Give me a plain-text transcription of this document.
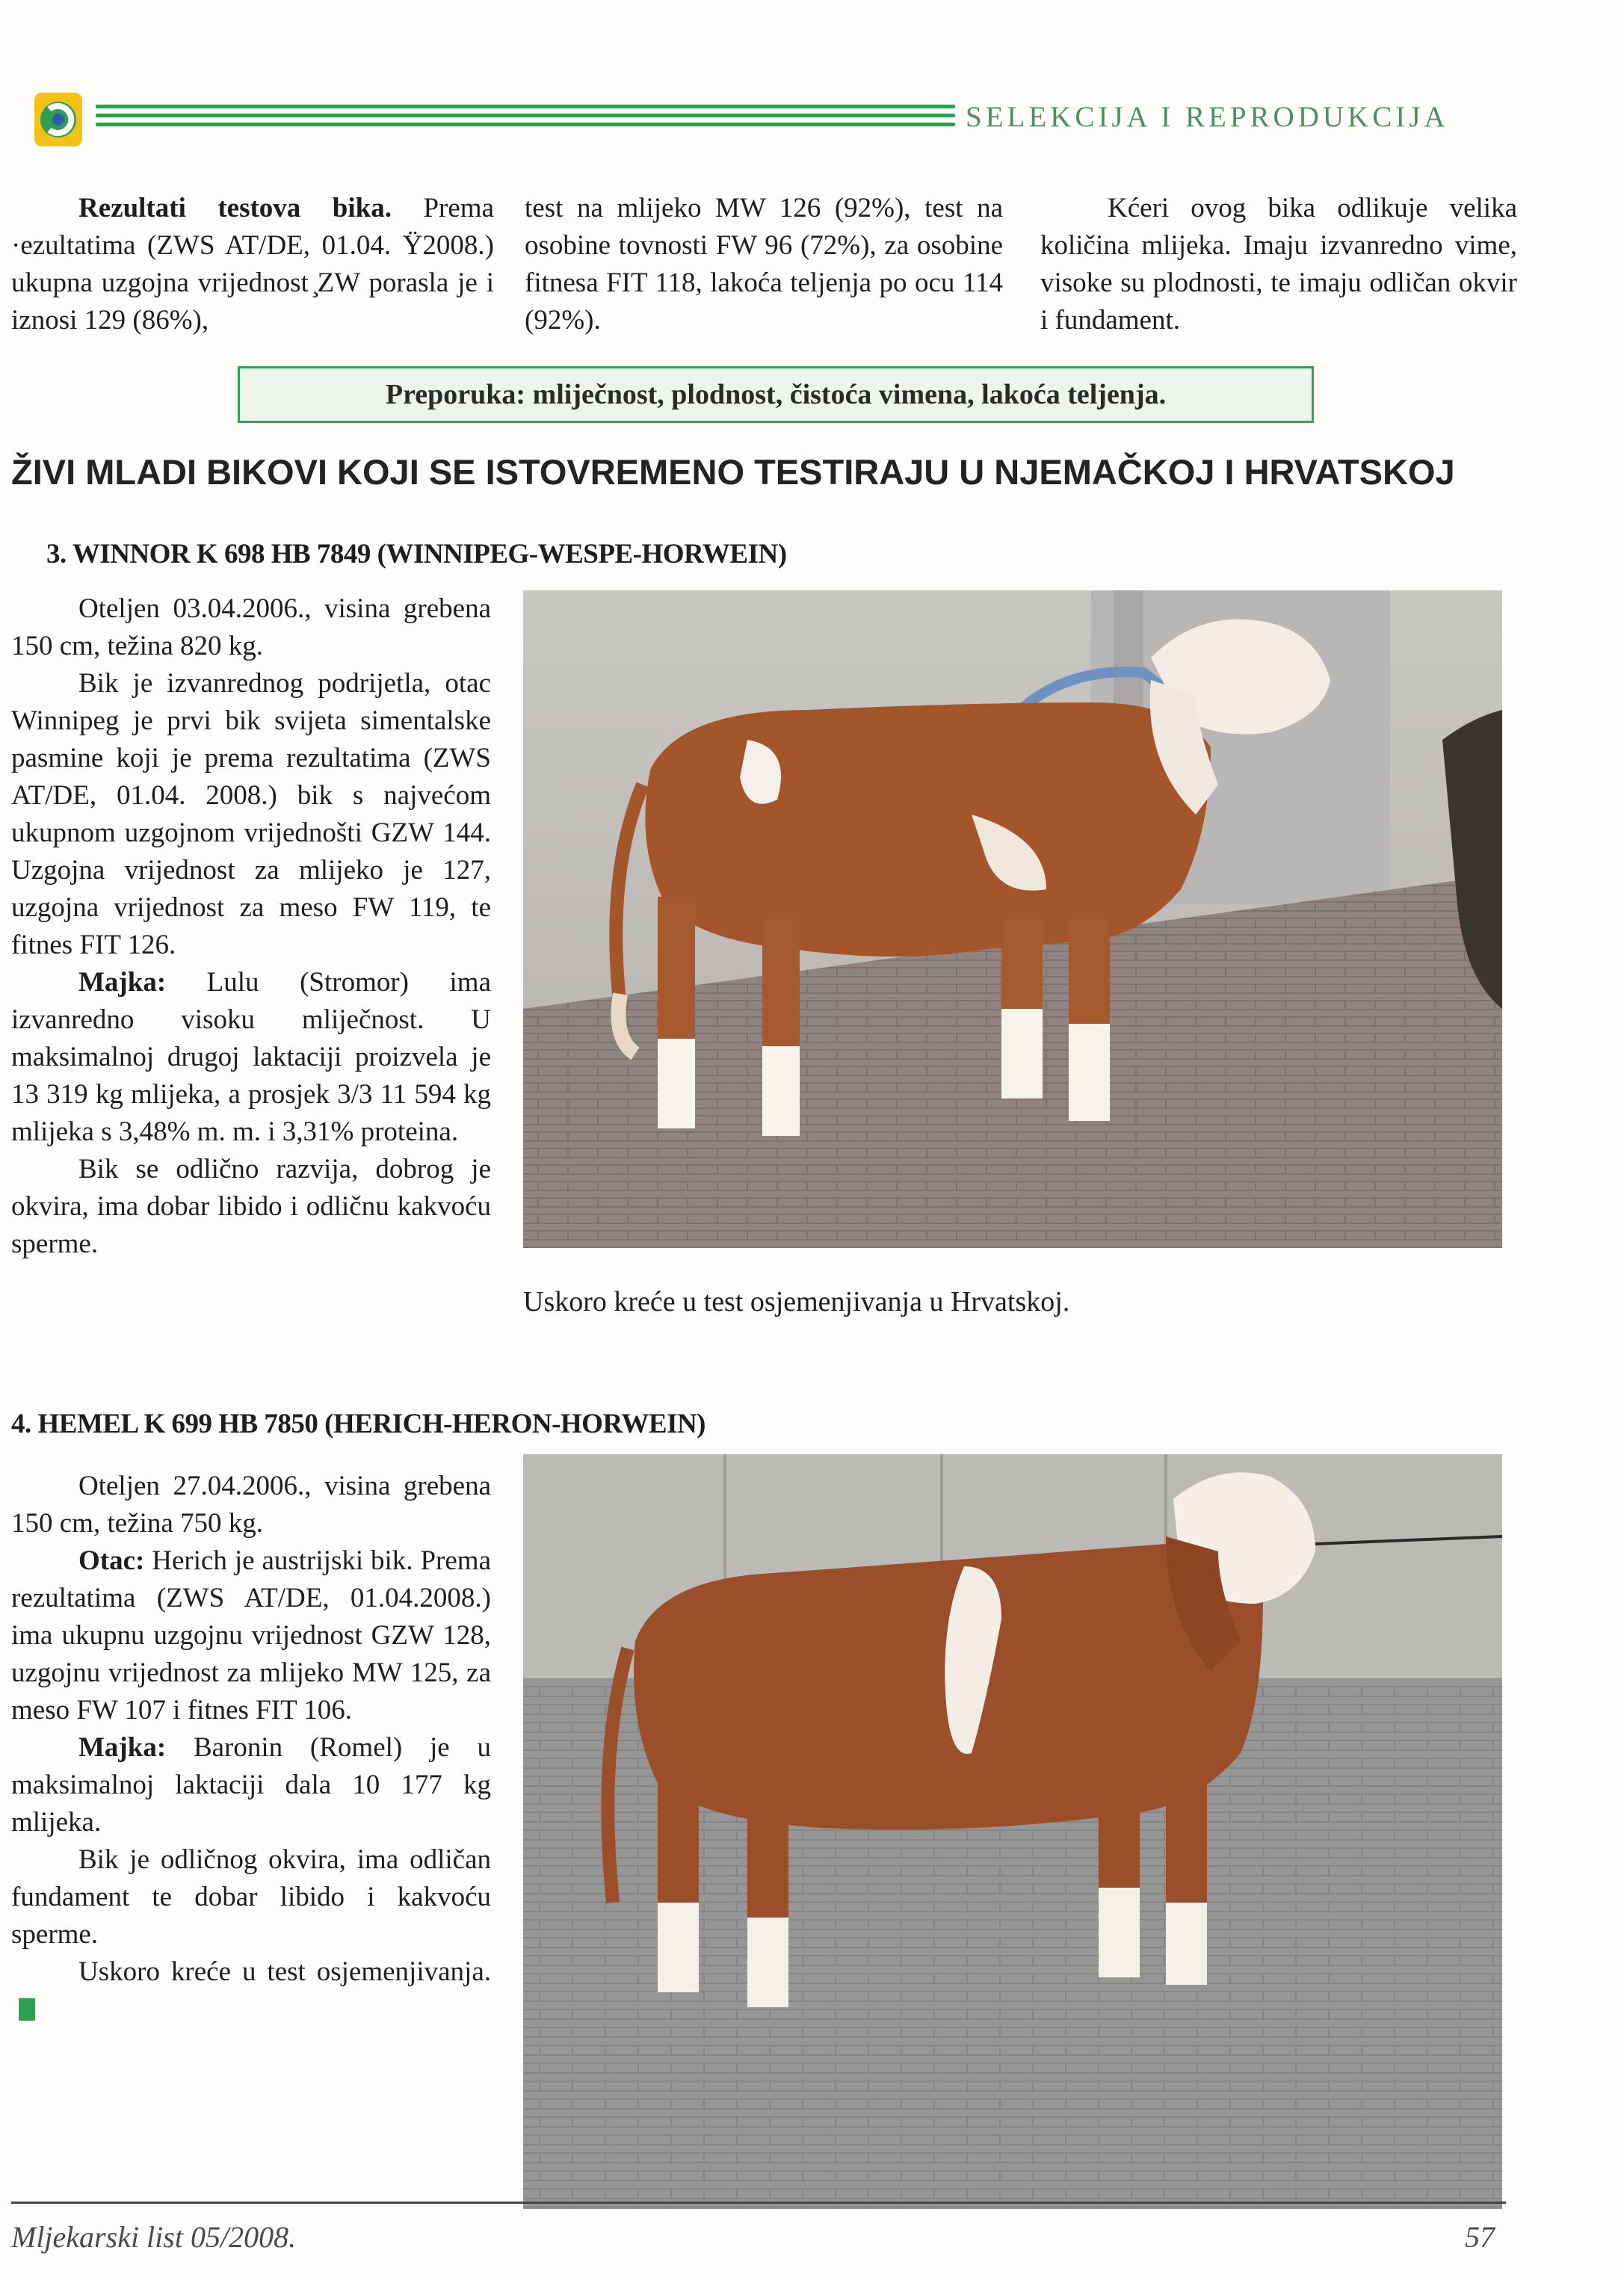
SELEKCIJA I REPRODUKCIJA

Rezultati testova bika. Prema ·ezultatima (ZWS AT/DE, 01.04. Ÿ2008.) ukupna uzgojna vrijednost ̧ZW porasla je i iznosi 129 (86%),

test na mlijeko MW 126 (92%), test na osobine tovnosti FW 96 (72%), za osobine fitnesa FIT 118, lakoća teljenja po ocu 114 (92%).

Kćeri ovog bika odlikuje velika količina mlijeka. Imaju izvanredno vime, visoke su plodnosti, te imaju odličan okvir i fundament.

Preporuka: mliječnost, plodnost, čistoća vimena, lakoća teljenja.
ŽIVI MLADI BIKOVI KOJI SE ISTOVREMENO TESTIRAJU U NJEMAČKOJ I HRVATSKOJ
3. WINNOR K 698 HB 7849 (WINNIPEG-WESPE-HORWEIN)

Oteljen 03.04.2006., visina grebena 150 cm, težina 820 kg.

Bik je izvanrednog podrijetla, otac Winnipeg je prvi bik svijeta simentalske pasmine koji je prema rezultatima (ZWS AT/DE, 01.04. 2008.) bik s najvećom ukupnom uzgojnom vrijednošti GZW 144. Uzgojna vrijednost za mlijeko je 127, uzgojna vrijednost za meso FW 119, te fitnes FIT 126.

Majka: Lulu (Stromor) ima izvanredno visoku mliječnost. U maksimalnoj drugoj laktaciji proizvela je 13 319 kg mlijeka, a prosjek 3/3 11 594 kg mlijeka s 3,48% m. m. i 3,31% proteina.

Bik se odlično razvija, dobrog je okvira, ima dobar libido i odličnu kakvoću sperme.

Uskoro kreće u test osjemenjivanja u Hrvatskoj.
4. HEMEL K 699 HB 7850 (HERICH-HERON-HORWEIN)

Oteljen 27.04.2006., visina grebena 150 cm, težina 750 kg.

Otac: Herich je austrijski bik. Prema rezultatima (ZWS AT/DE, 01.04.2008.) ima ukupnu uzgojnu vrijednost GZW 128, uzgojnu vrijednost za mlijeko MW 125, za meso FW 107 i fitnes FIT 106.

Majka: Baronin (Romel) je u maksimalnoj laktaciji dala 10 177 kg mlijeka.

Bik je odličnog okvira, ima odličan fundament te dobar libido i kakvoću sperme.

Uskoro kreće u test osjemenjivanja.

Mljekarski list 05/2008.	57
